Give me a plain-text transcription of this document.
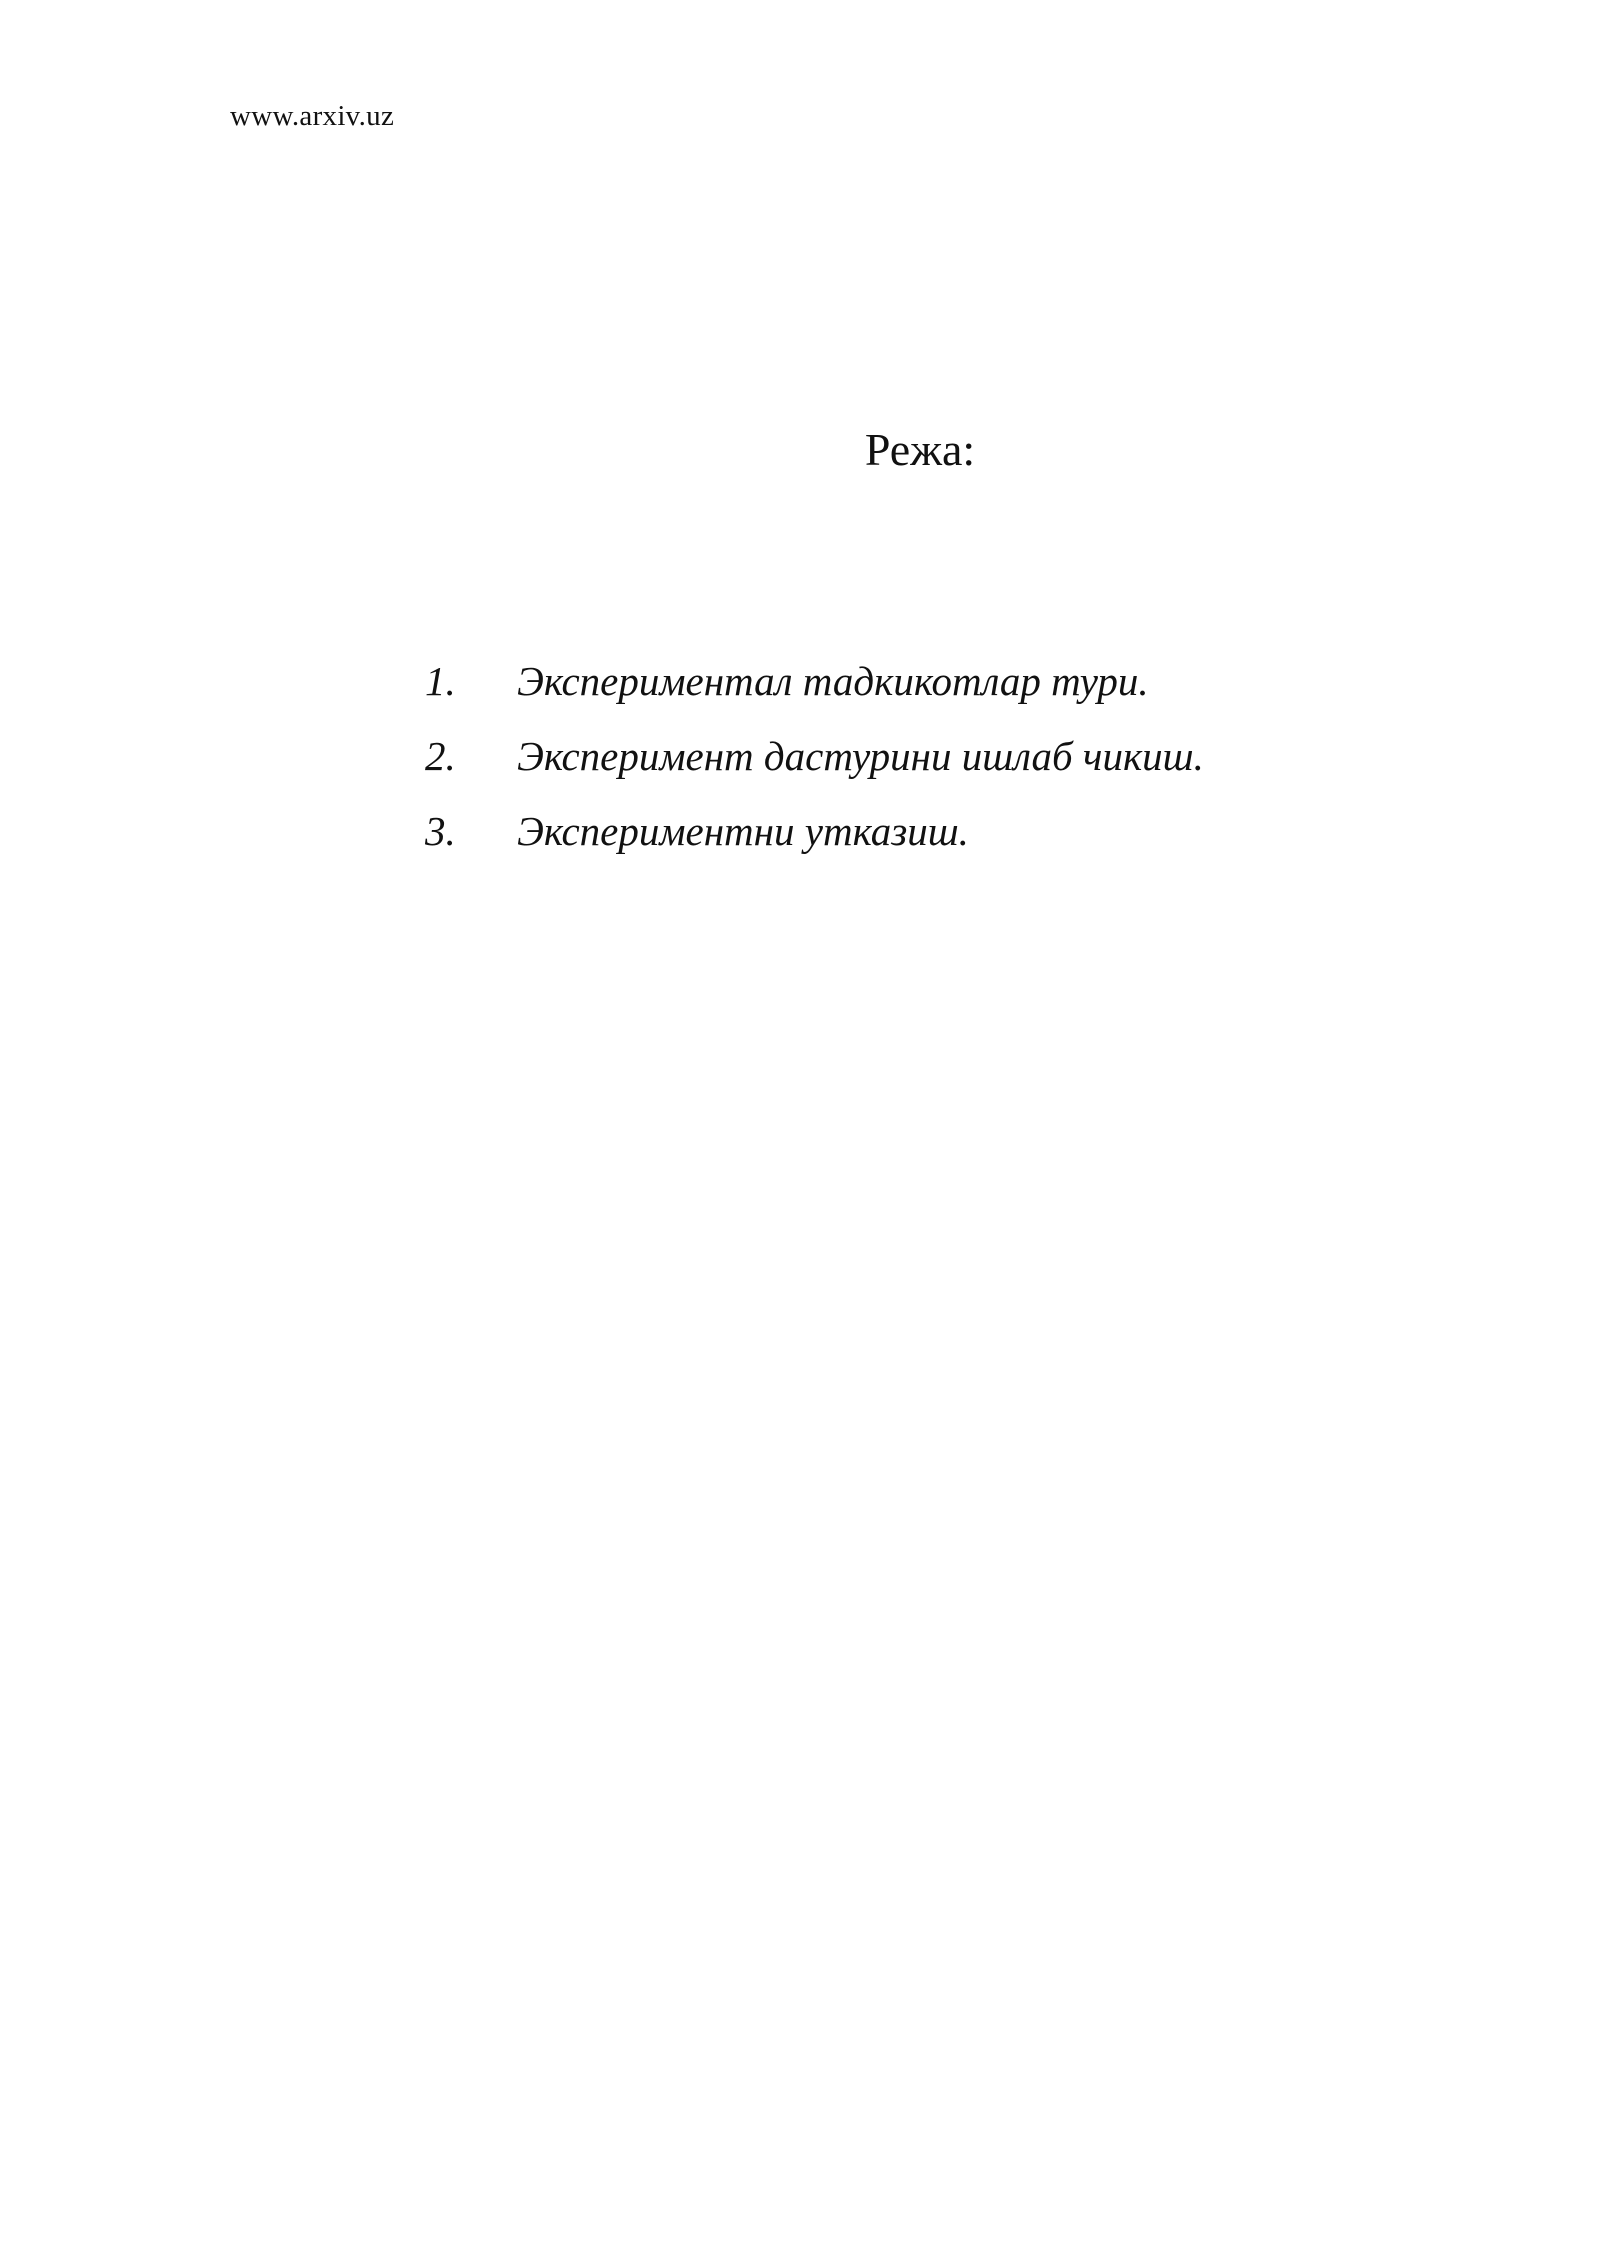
www.arxiv.uz
Режа:
1.	Экспериментал тадкикотлар тури.
2.	Эксперимент дастурини ишлаб чикиш.
3.	Экспериментни утказиш.
